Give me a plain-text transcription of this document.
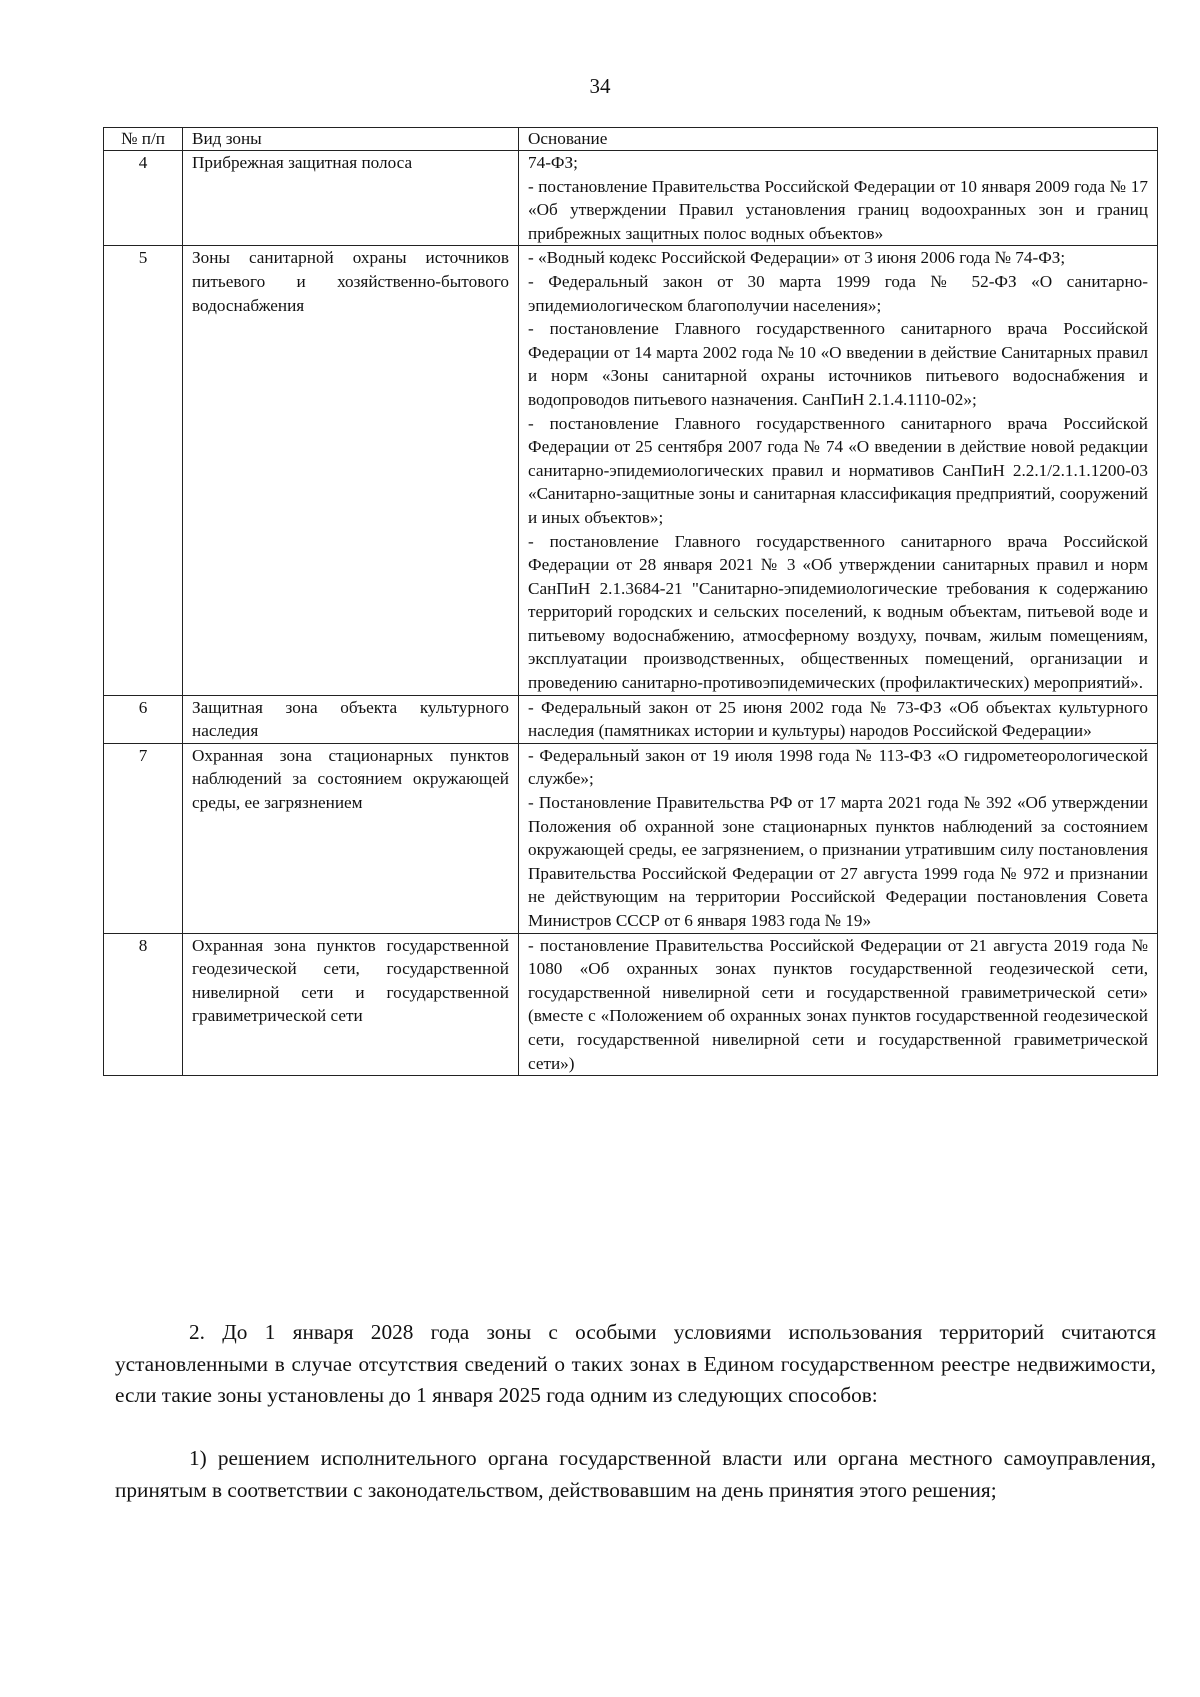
34
№ п/п	Вид зоны	Основание
4	Прибрежная защитная полоса	74-ФЗ;
- постановление Правительства Российской Федерации от 10 января 2009 года № 17 «Об утверждении Правил установления границ водоохранных зон и границ прибрежных защитных полос водных объектов»

5	Зоны санитарной охраны источников питьевого и хозяйственно-бытового водоснабжения	- «Водный кодекс Российской Федерации» от 3 июня 2006 года № 74-ФЗ;
- Федеральный закон от 30 марта 1999 года № 52-ФЗ «О санитарно-эпидемиологическом благополучии населения»;
- постановление Главного государственного санитарного врача Российской Федерации от 14 марта 2002 года № 10 «О введении в действие Санитарных правил и норм «Зоны санитарной охраны источников питьевого водоснабжения и водопроводов питьевого назначения. СанПиН 2.1.4.1110-02»;
- постановление Главного государственного санитарного врача Российской Федерации от 25 сентября 2007 года № 74 «О введении в действие новой редакции санитарно-эпидемиологических правил и нормативов СанПиН 2.2.1/2.1.1.1200-03 «Санитарно-защитные зоны и санитарная классификация предприятий, сооружений и иных объектов»;
- постановление Главного государственного санитарного врача Российской Федерации от 28 января 2021 № 3 «Об утверждении санитарных правил и норм СанПиН 2.1.3684-21 "Санитарно-эпидемиологические требования к содержанию территорий городских и сельских поселений, к водным объектам, питьевой воде и питьевому водоснабжению, атмосферному воздуху, почвам, жилым помещениям, эксплуатации производственных, общественных помещений, организации и проведению санитарно-противоэпидемических (профилактических) мероприятий».

6	Защитная зона объекта культурного наследия	- Федеральный закон от 25 июня 2002 года № 73-ФЗ «Об объектах культурного наследия (памятниках истории и культуры) народов Российской Федерации»

7	Охранная зона стационарных пунктов наблюдений за состоянием окружающей среды, ее загрязнением	- Федеральный закон от 19 июля 1998 года № 113-ФЗ «О гидрометеорологической службе»;
- Постановление Правительства РФ от 17 марта 2021 года № 392 «Об утверждении Положения об охранной зоне стационарных пунктов наблюдений за состоянием окружающей среды, ее загрязнением, о признании утратившим силу постановления Правительства Российской Федерации от 27 августа 1999 года № 972 и признании не действующим на территории Российской Федерации постановления Совета Министров СССР от 6 января 1983 года № 19»

8	Охранная зона пунктов государственной геодезической сети, государственной нивелирной сети и государственной гравиметрической сети	- постановление Правительства Российской Федерации от 21 августа 2019 года № 1080 «Об охранных зонах пунктов государственной геодезической сети, государственной нивелирной сети и государственной гравиметрической сети» (вместе с «Положением об охранных зонах пунктов государственной геодезической сети, государственной нивелирной сети и государственной гравиметрической сети»)

2. До 1 января 2028 года зоны с особыми условиями использования территорий считаются установленными в случае отсутствия сведений о таких зонах в Едином государственном реестре недвижимости, если такие зоны установлены до 1 января 2025 года одним из следующих способов:

1) решением исполнительного органа государственной власти или органа местного самоуправления, принятым в соответствии с законодательством, действовавшим на день принятия этого решения;
